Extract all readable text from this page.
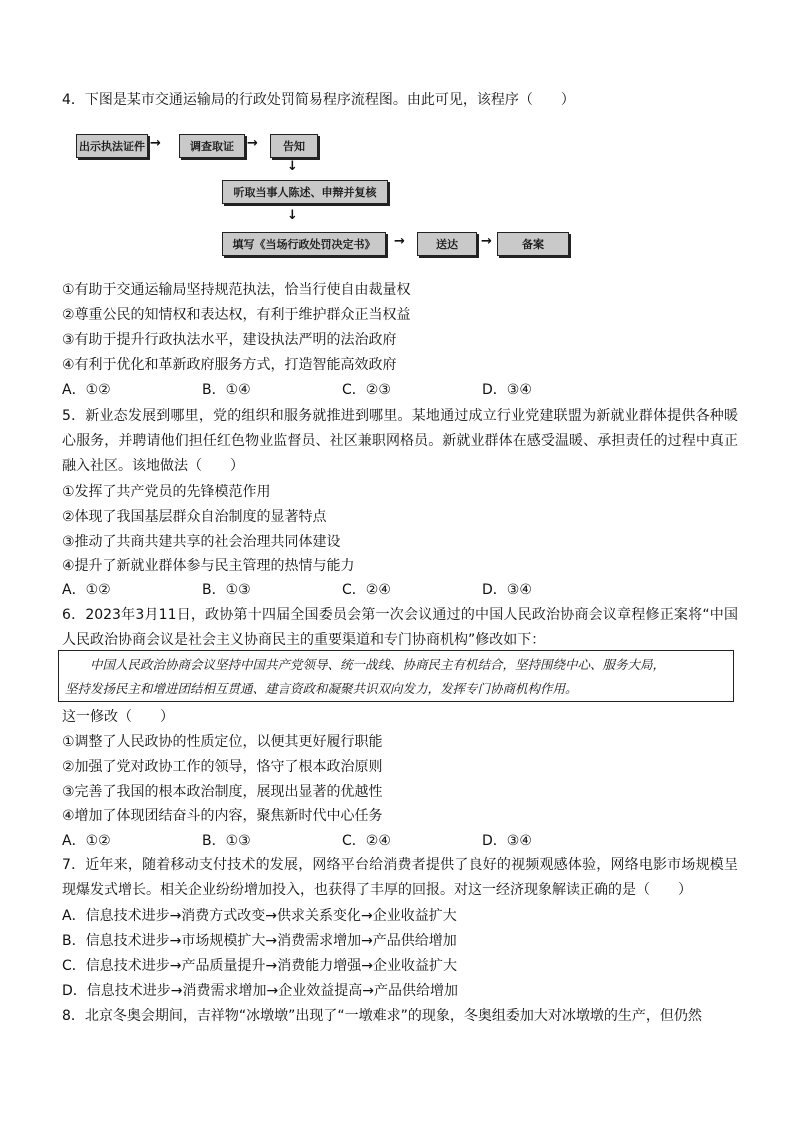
4．下图是某市交通运输局的行政处罚简易程序流程图。由此可见，该程序（　　）
出示执法证件 →	调查取证	→	告知
↓
听取当事人陈述、申辩并复核
↓
填写《当场行政处罚决定书》	→	送达	→	备案
①有助于交通运输局坚持规范执法，恰当行使自由裁量权
②尊重公民的知情权和表达权，有利于维护群众正当权益
③有助于提升行政执法水平，建设执法严明的法治政府
④有利于优化和革新政府服务方式，打造智能高效政府
A．①②	B．①④	C．②③	D．③④
5．新业态发展到哪里，党的组织和服务就推进到哪里。某地通过成立行业党建联盟为新就业群体提供各种暖心服务，并聘请他们担任红色物业监督员、社区兼职网格员。新就业群体在感受温暖、承担责任的过程中真正融入社区。该地做法（　　）
①发挥了共产党员的先锋模范作用
②体现了我国基层群众自治制度的显著特点
③推动了共商共建共享的社会治理共同体建设
④提升了新就业群体参与民主管理的热情与能力
A．①②	B．①③	C．②④	D．③④
6．2023年3月11日，政协第十四届全国委员会第一次会议通过的中国人民政治协商会议章程修正案将“中国人民政治协商会议是社会主义协商民主的重要渠道和专门协商机构”修改如下：
　　中国人民政治协商会议坚持中国共产党领导、统一战线、协商民主有机结合，坚持围绕中心、服务大局，
坚持发扬民主和增进团结相互贯通、建言资政和凝聚共识双向发力，发挥专门协商机构作用。
这一修改（　　）
①调整了人民政协的性质定位，以便其更好履行职能
②加强了党对政协工作的领导，恪守了根本政治原则
③完善了我国的根本政治制度，展现出显著的优越性
④增加了体现团结奋斗的内容，聚焦新时代中心任务
A．①②	B．①③	C．②④	D．③④
7．近年来，随着移动支付技术的发展，网络平台给消费者提供了良好的视频观感体验，网络电影市场规模呈现爆发式增长。相关企业纷纷增加投入，也获得了丰厚的回报。对这一经济现象解读正确的是（　　）
A．信息技术进步→消费方式改变→供求关系变化→企业收益扩大
B．信息技术进步→市场规模扩大→消费需求增加→产品供给增加
C．信息技术进步→产品质量提升→消费能力增强→企业收益扩大
D．信息技术进步→消费需求增加→企业效益提高→产品供给增加
8．北京冬奥会期间，吉祥物“冰墩墩”出现了“一墩难求”的现象，冬奥组委加大对冰墩墩的生产，但仍然
